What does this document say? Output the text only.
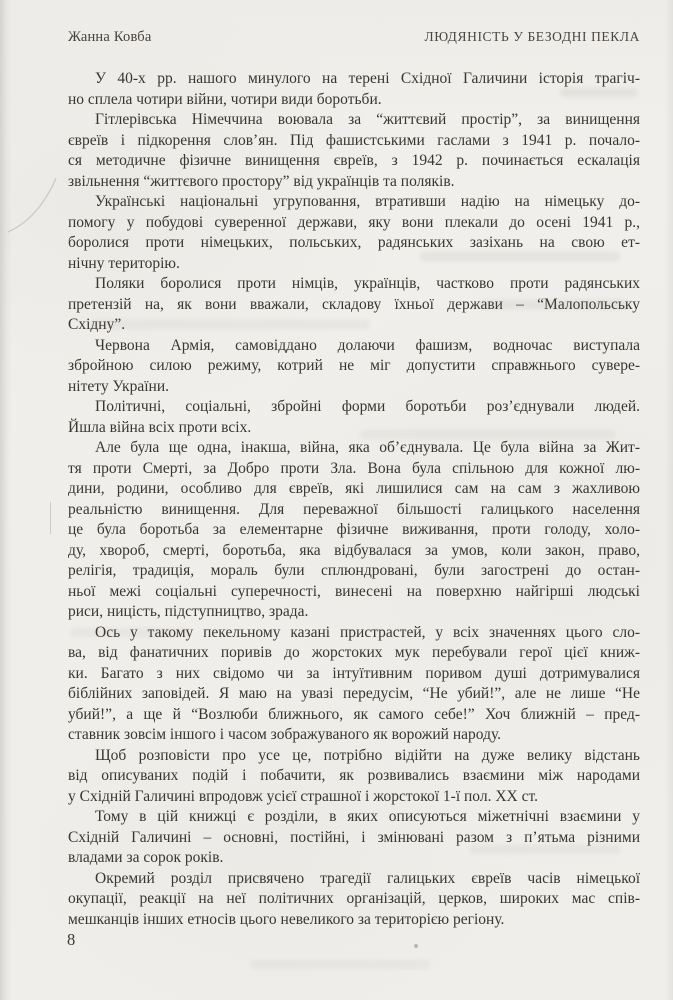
Жанна Ковба	ЛЮДЯНІСТЬ У БЕЗОДНІ ПЕКЛА
У 40-х рр. нашого минулого на терені Східної Галичини історія трагіч-
но сплела чотири війни, чотири види боротьби.
Гітлерівська Німеччина воювала за “життєвий простір”, за винищення
євреїв і підкорення слов’ян. Під фашистськими гаслами з 1941 р. почало-
ся методичне фізичне винищення євреїв, з 1942 р. починається ескалація
звільнення “життєвого простору” від українців та поляків.
Українські національні угруповання, втративши надію на німецьку до-
помогу у побудові суверенної держави, яку вони плекали до осені 1941 р.,
боролися проти німецьких, польських, радянських зазіхань на свою ет-
нічну територію.
Поляки боролися проти німців, українців, частково проти радянських
претензій на, як вони вважали, складову їхньої держави – “Малопольську
Східну”.
Червона Армія, самовіддано долаючи фашизм, водночас виступала
збройною силою режиму, котрий не міг допустити справжнього сувере-
нітету України.
Політичні, соціальні, збройні форми боротьби роз’єднували людей.
Йшла війна всіх проти всіх.
Але була ще одна, інакша, війна, яка об’єднувала. Це була війна за Жит-
тя проти Смерті, за Добро проти Зла. Вона була спільною для кожної лю-
дини, родини, особливо для євреїв, які лишилися сам на сам з жахливою
реальністю винищення. Для переважної більшості галицького населення
це була боротьба за елементарне фізичне виживання, проти голоду, холо-
ду, хвороб, смерті, боротьба, яка відбувалася за умов, коли закон, право,
релігія, традиція, мораль були сплюндровані, були загострені до остан-
ньої межі соціальні суперечності, винесені на поверхню найгірші людські
риси, ницість, підступництво, зрада.
Ось у такому пекельному казані пристрастей, у всіх значеннях цього сло-
ва, від фанатичних поривів до жорстоких мук перебували герої цієї книж-
ки. Багато з них свідомо чи за інтуїтивним поривом душі дотримувалися
біблійних заповідей. Я маю на увазі передусім, “Не убий!”, але не лише “Не
убий!”, а ще й “Возлюби ближнього, як самого себе!” Хоч ближній – пред-
ставник зовсім іншого і часом зображуваного як ворожий народу.
Щоб розповісти про усе це, потрібно відійти на дуже велику відстань
від описуваних подій і побачити, як розвивались взаємини між народами
у Східній Галичині впродовж усієї страшної і жорстокої 1-ї пол. ХХ ст.
Тому в цій книжці є розділи, в яких описуються міжетнічні взаємини у
Східній Галичині – основні, постійні, і змінювані разом з п’ятьма різними
владами за сорок років.
Окремий розділ присвячено трагедії галицьких євреїв часів німецької
окупації, реакції на неї політичних організацій, церков, широких мас спів-
мешканців інших етносів цього невеликого за територією регіону.
8
